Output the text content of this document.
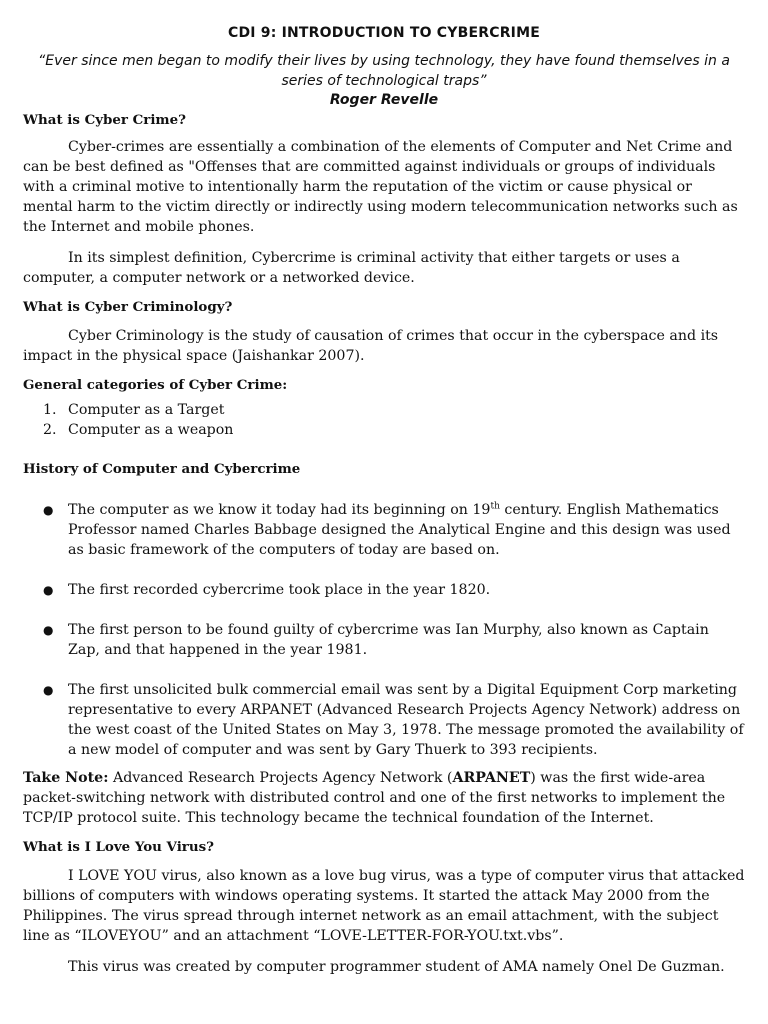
CDI 9: INTRODUCTION TO CYBERCRIME
“Ever since men began to modify their lives by using technology, they have found themselves in a series of technological traps”
Roger Revelle
What is Cyber Crime?

Cyber-crimes are essentially a combination of the elements of Computer and Net Crime and can be best defined as "Offenses that are committed against individuals or groups of individuals with a criminal motive to intentionally harm the reputation of the victim or cause physical or mental harm to the victim directly or indirectly using modern telecommunication networks such as the Internet and mobile phones.

In its simplest definition, Cybercrime is criminal activity that either targets or uses a computer, a computer network or a networked device.

What is Cyber Criminology?

Cyber Criminology is the study of causation of crimes that occur in the cyberspace and its impact in the physical space (Jaishankar 2007).

General categories of Cyber Crime:
1. Computer as a Target
2. Computer as a weapon
History of Computer and Cybercrime
●	The computer as we know it today had its beginning on 19th century. English Mathematics Professor named Charles Babbage designed the Analytical Engine and this design was used as basic framework of the computers of today are based on.
●	The first recorded cybercrime took place in the year 1820.
●	The first person to be found guilty of cybercrime was Ian Murphy, also known as Captain Zap, and that happened in the year 1981.
●	The first unsolicited bulk commercial email was sent by a Digital Equipment Corp marketing representative to every ARPANET (Advanced Research Projects Agency Network) address on the west coast of the United States on May 3, 1978. The message promoted the availability of a new model of computer and was sent by Gary Thuerk to 393 recipients.

Take Note: Advanced Research Projects Agency Network (ARPANET) was the first wide-area packet-switching network with distributed control and one of the first networks to implement the TCP/IP protocol suite. This technology became the technical foundation of the Internet.

What is I Love You Virus?

I LOVE YOU virus, also known as a love bug virus, was a type of computer virus that attacked billions of computers with windows operating systems. It started the attack May 2000 from the Philippines. The virus spread through internet network as an email attachment, with the subject line as “ILOVEYOU” and an attachment “LOVE-LETTER-FOR-YOU.txt.vbs”.

This virus was created by computer programmer student of AMA namely Onel De Guzman.
